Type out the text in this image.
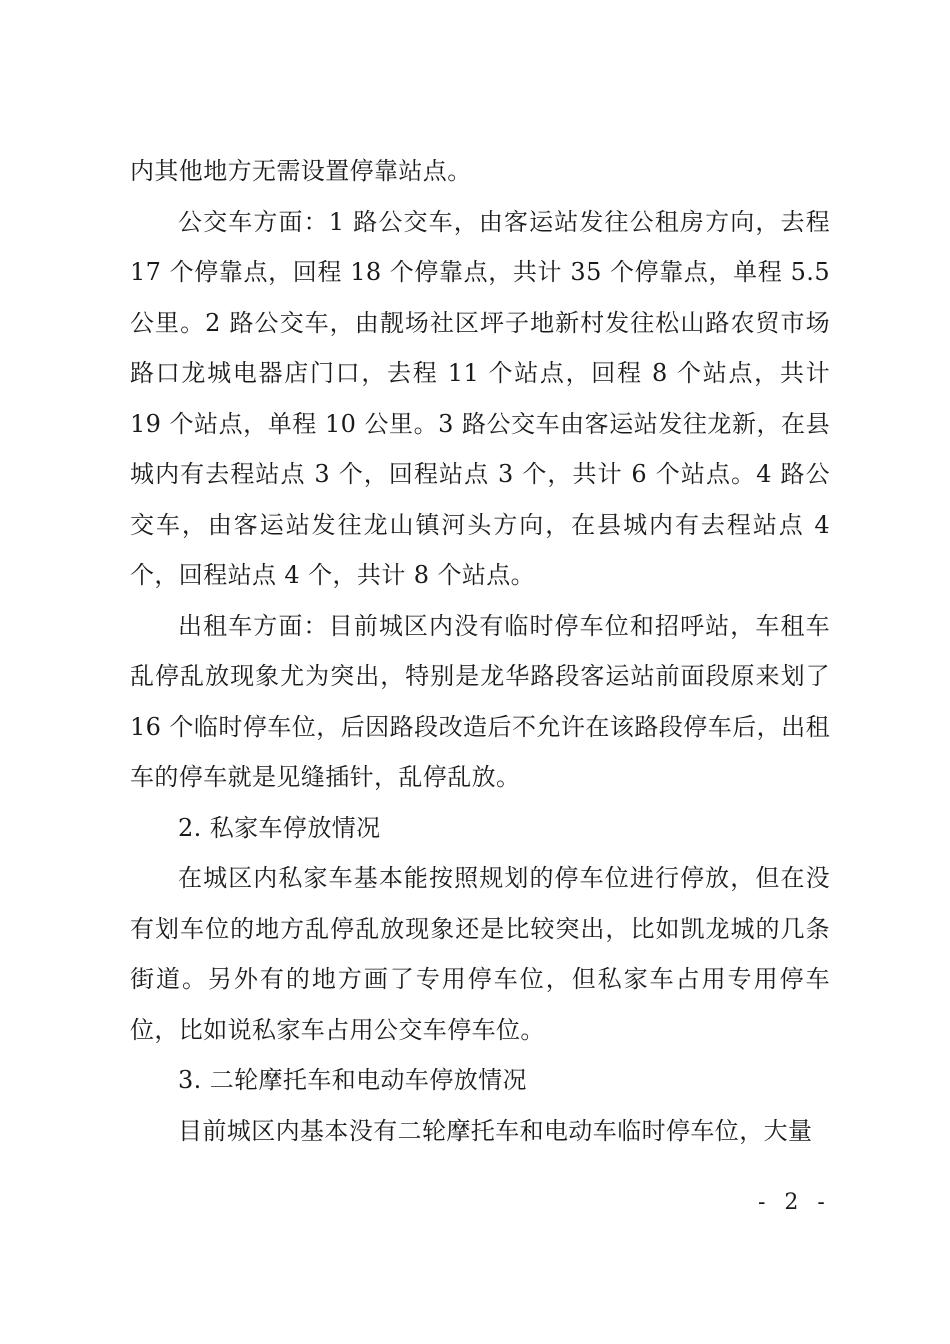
内其他地方无需设置停靠站点。

公交车方面：1 路公交车，由客运站发往公租房方向，去程 17 个停靠点，回程 18 个停靠点，共计 35 个停靠点，单程 5.5 公里。2 路公交车，由靓场社区坪子地新村发往松山路农贸市场路口龙城电器店门口，去程 11 个站点，回程 8 个站点，共计 19 个站点，单程 10 公里。3 路公交车由客运站发往龙新，在县城内有去程站点 3 个，回程站点 3 个，共计 6 个站点。4 路公交车，由客运站发往龙山镇河头方向，在县城内有去程站点 4 个，回程站点 4 个，共计 8 个站点。

出租车方面：目前城区内没有临时停车位和招呼站，车租车乱停乱放现象尤为突出，特别是龙华路段客运站前面段原来划了 16 个临时停车位，后因路段改造后不允许在该路段停车后，出租车的停车就是见缝插针，乱停乱放。

2. 私家车停放情况

在城区内私家车基本能按照规划的停车位进行停放，但在没有划车位的地方乱停乱放现象还是比较突出，比如凯龙城的几条街道。另外有的地方画了专用停车位，但私家车占用专用停车位，比如说私家车占用公交车停车位。

3. 二轮摩托车和电动车停放情况

目前城区内基本没有二轮摩托车和电动车临时停车位，大量

- 2 -
